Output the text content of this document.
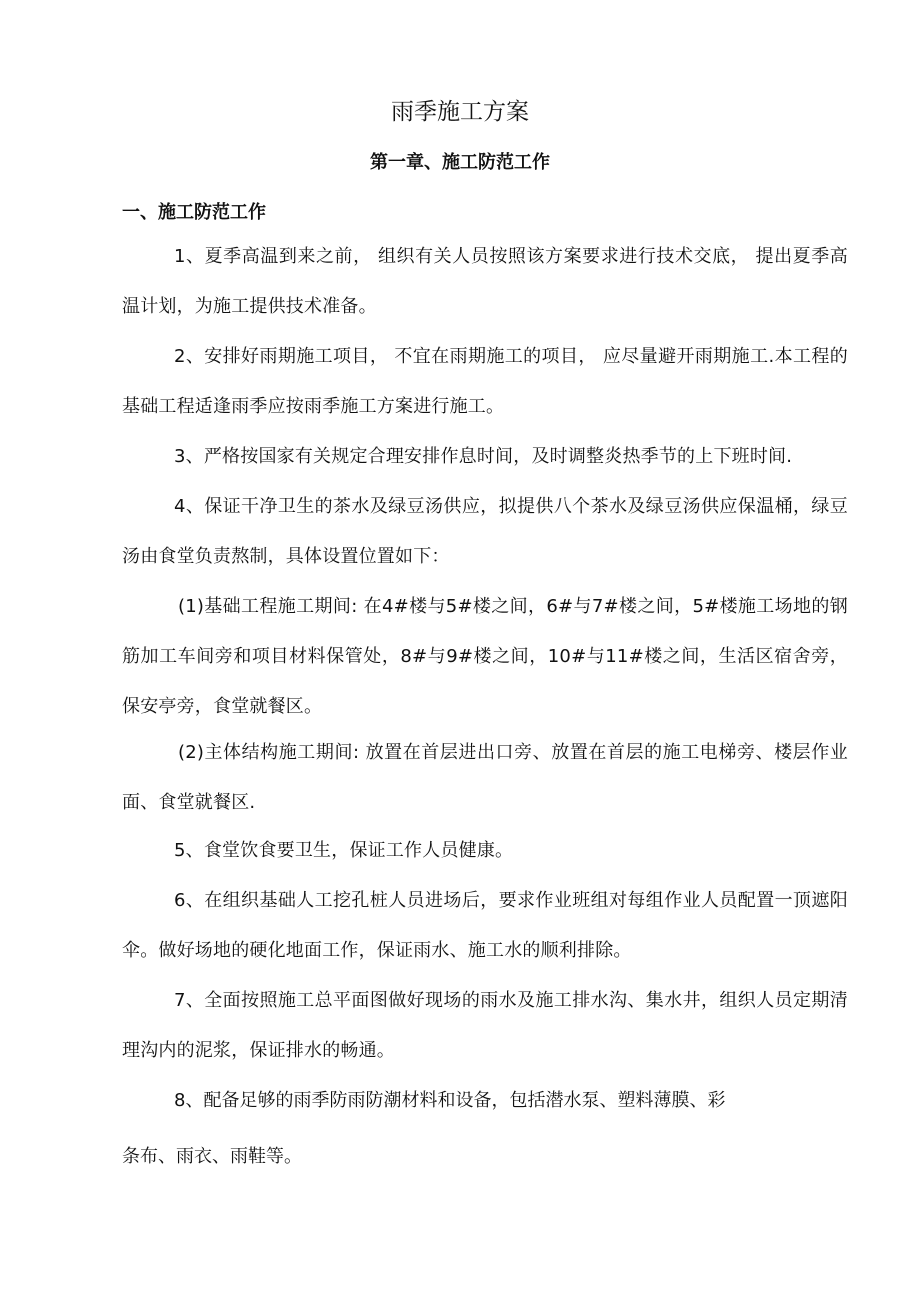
雨季施工方案
第一章、施工防范工作
一、施工防范工作

1、夏季高温到来之前， 组织有关人员按照该方案要求进行技术交底， 提出夏季高温计划，为施工提供技术准备。

2、安排好雨期施工项目， 不宜在雨期施工的项目， 应尽量避开雨期施工.本工程的基础工程适逢雨季应按雨季施工方案进行施工。

3、严格按国家有关规定合理安排作息时间，及时调整炎热季节的上下班时间.

4、保证干净卫生的茶水及绿豆汤供应，拟提供八个茶水及绿豆汤供应保温桶，绿豆汤由食堂负责熬制，具体设置位置如下：

(1)基础工程施工期间: 在4#楼与5#楼之间，6#与7#楼之间，5#楼施工场地的钢筋加工车间旁和项目材料保管处，8#与9#楼之间，10#与11#楼之间，生活区宿舍旁，保安亭旁，食堂就餐区。

(2)主体结构施工期间: 放置在首层进出口旁、放置在首层的施工电梯旁、楼层作业面、食堂就餐区.

5、食堂饮食要卫生，保证工作人员健康。

6、在组织基础人工挖孔桩人员进场后，要求作业班组对每组作业人员配置一顶遮阳伞。做好场地的硬化地面工作，保证雨水、施工水的顺利排除。

7、全面按照施工总平面图做好现场的雨水及施工排水沟、集水井，组织人员定期清理沟内的泥浆，保证排水的畅通。

8、配备足够的雨季防雨防潮材料和设备，包括潜水泵、塑料薄膜、彩

条布、雨衣、雨鞋等。
